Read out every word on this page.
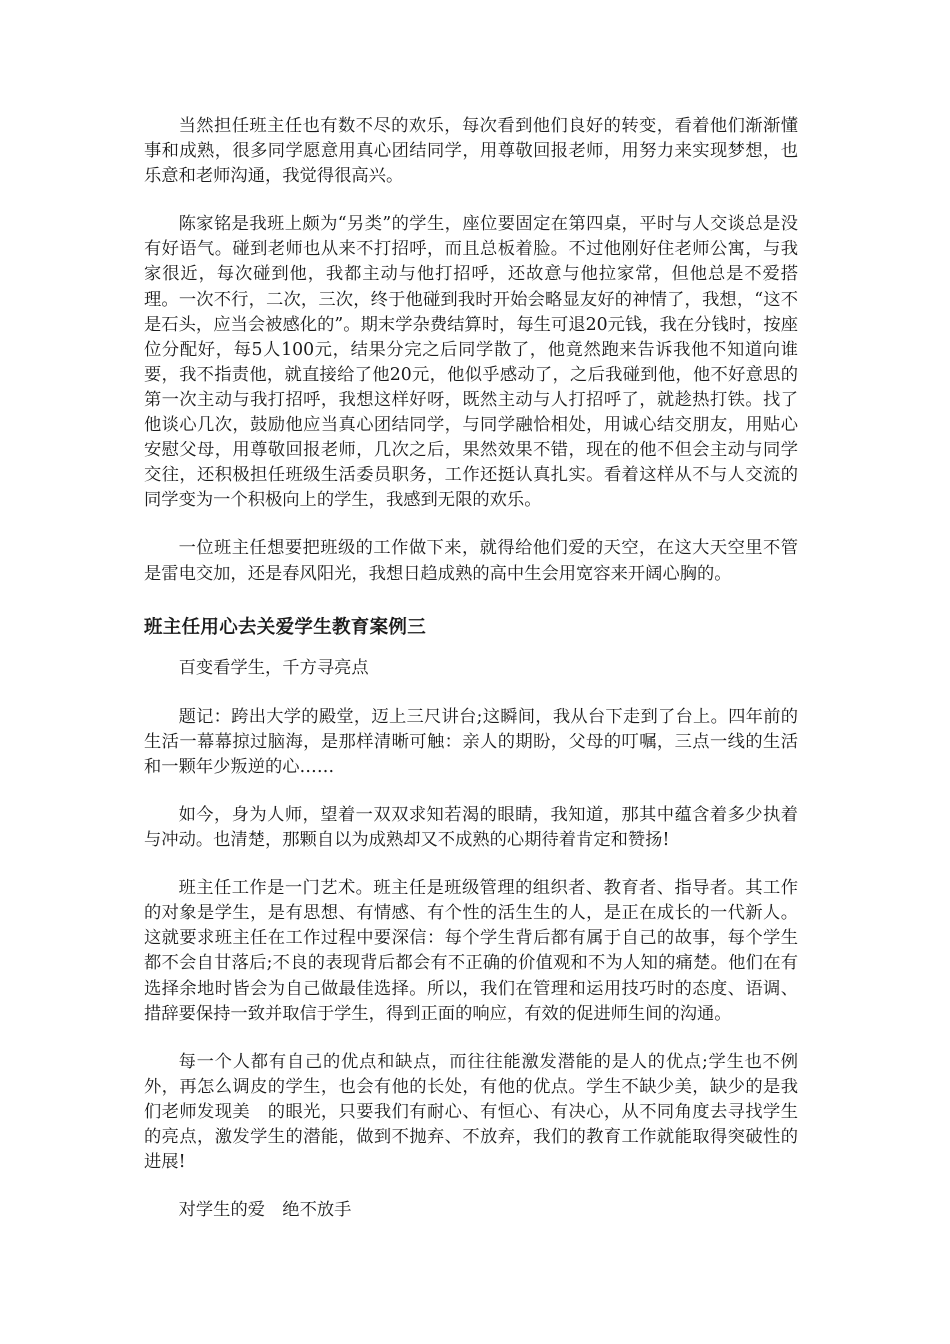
当然担任班主任也有数不尽的欢乐，每次看到他们良好的转变，看着他们渐渐懂事和成熟，很多同学愿意用真心团结同学，用尊敬回报老师，用努力来实现梦想，也乐意和老师沟通，我觉得很高兴。

陈家铭是我班上颇为“另类”的学生，座位要固定在第四桌，平时与人交谈总是没有好语气。碰到老师也从来不打招呼，而且总板着脸。不过他刚好住老师公寓，与我家很近，每次碰到他，我都主动与他打招呼，还故意与他拉家常，但他总是不爱搭理。一次不行，二次，三次，终于他碰到我时开始会略显友好的神情了，我想，“这不是石头，应当会被感化的”。期末学杂费结算时，每生可退20元钱，我在分钱时，按座位分配好，每5人100元，结果分完之后同学散了，他竟然跑来告诉我他不知道向谁要，我不指责他，就直接给了他20元，他似乎感动了，之后我碰到他，他不好意思的第一次主动与我打招呼，我想这样好呀，既然主动与人打招呼了，就趁热打铁。找了他谈心几次，鼓励他应当真心团结同学，与同学融恰相处，用诚心结交朋友，用贴心安慰父母，用尊敬回报老师，几次之后，果然效果不错，现在的他不但会主动与同学交往，还积极担任班级生活委员职务，工作还挺认真扎实。看着这样从不与人交流的同学变为一个积极向上的学生，我感到无限的欢乐。

一位班主任想要把班级的工作做下来，就得给他们爱的天空，在这大天空里不管是雷电交加，还是春风阳光，我想日趋成熟的高中生会用宽容来开阔心胸的。

班主任用心去关爱学生教育案例三

百变看学生，千方寻亮点

题记：跨出大学的殿堂，迈上三尺讲台;这瞬间，我从台下走到了台上。四年前的生活一幕幕掠过脑海，是那样清晰可触：亲人的期盼，父母的叮嘱，三点一线的生活和一颗年少叛逆的心……

如今，身为人师，望着一双双求知若渴的眼睛，我知道，那其中蕴含着多少执着与冲动。也清楚，那颗自以为成熟却又不成熟的心期待着肯定和赞扬!

班主任工作是一门艺术。班主任是班级管理的组织者、教育者、指导者。其工作的对象是学生，是有思想、有情感、有个性的活生生的人，是正在成长的一代新人。这就要求班主任在工作过程中要深信：每个学生背后都有属于自己的故事，每个学生都不会自甘落后;不良的表现背后都会有不正确的价值观和不为人知的痛楚。他们在有选择余地时皆会为自己做最佳选择。所以，我们在管理和运用技巧时的态度、语调、措辞要保持一致并取信于学生，得到正面的响应，有效的促进师生间的沟通。

每一个人都有自己的优点和缺点，而往往能激发潜能的是人的优点;学生也不例外，再怎么调皮的学生，也会有他的长处，有他的优点。学生不缺少美，缺少的是我们老师发现美　的眼光，只要我们有耐心、有恒心、有决心，从不同角度去寻找学生的亮点，激发学生的潜能，做到不抛弃、不放弃，我们的教育工作就能取得突破性的进展!

对学生的爱　绝不放手
